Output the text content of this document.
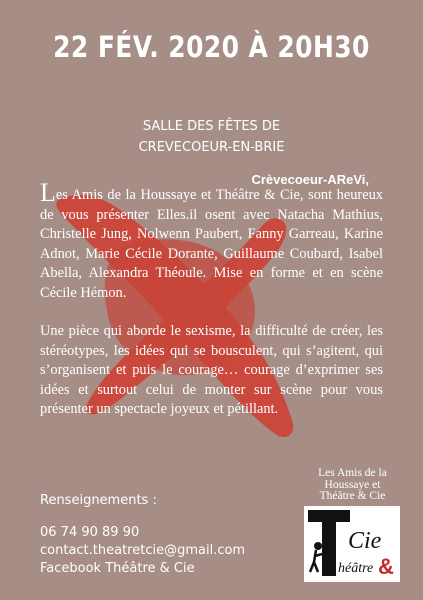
22 FÉV. 2020 À 20H30
SALLE DES FÊTES DE
CREVECOEUR-EN-BRIE
Crèvecoeur-AReVi,
Les Amis de la Houssaye et Théâtre & Cie, sont heureux de vous présenter Elles.il osent avec Natacha Mathius, Christelle Jung, Nolwenn Paubert, Fanny Garreau, Karine Adnot, Marie Cécile Dorante, Guillaume Coubard, Isabel Abella, Alexandra Théoule. Mise en forme et en scène Cécile Hémon.
Une pièce qui aborde le sexisme, la difficulté de créer, les stéréotypes, les idées qui se bousculent, qui s’agitent, qui s’organisent et puis le courage… courage d’exprimer ses idées et surtout celui de monter sur scène pour vous présenter un spectacle joyeux et pétillant.
Renseignements :
06 74 90 89 90
contact.theatretcie@gmail.com
Facebook Théâtre & Cie
Les Amis de la
Houssaye et
Théâtre & Cie
Cie
héâtre &
